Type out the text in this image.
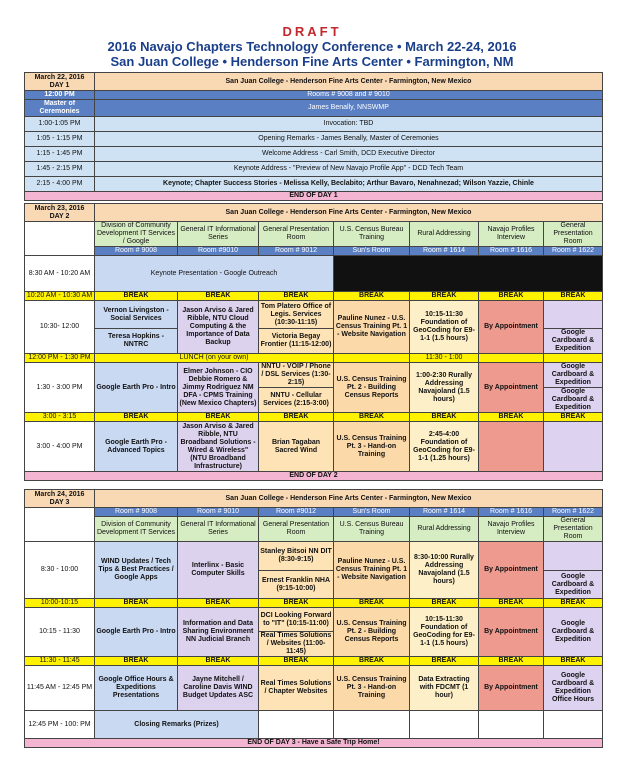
DRAFT
2016 Navajo Chapters Technology Conference • March 22-24, 2016
San Juan College • Henderson Fine Arts Center • Farmington, NM
March 22, 2016
DAY 1	San Juan College - Henderson Fine Arts Center - Farmington, New Mexico
12:00 PM	Rooms # 9008 and # 9010
Master of Ceremonies	James Benally, NNSWMP
1:00-1:05 PM	Invocation: TBD
1:05 - 1:15 PM	Opening Remarks - James Benally, Master of Ceremonies
1:15 - 1:45 PM	Welcome Address - Carl Smith, DCD Executive Director
1:45 - 2:15 PM	Keynote Address - "Preview of New Navajo Profile App" - DCD Tech Team
2:15 - 4:00 PM	Keynote; Chapter Success Stories - Melissa Kelly, Beclabito; Arthur Bavaro, Nenahnezad; Wilson Yazzie, Chinle
END OF DAY 1	
March 23, 2016
DAY 2	San Juan College - Henderson Fine Arts Center - Farmington, New Mexico						
	Division of Community Development IT Services / Google	General IT Informational Series	General Presentation Room	U.S. Census Bureau Training	Rural Addressing	Navajo Profiles Interview	General Presentation Room
	Room # 9008	Room #9010	Room # 9012	Sun's Room	Room # 1614	Room # 1616	Room # 1622
8:30 AM - 10:20 AM	Keynote Presentation - Google Outreach						
10:20 AM - 10:30 AM	BREAK	BREAK	BREAK	BREAK	BREAK	BREAK	BREAK
10:30- 12:00	Vernon Livingston - Social Services	Jason Arviso & Jared Ribble, NTU Cloud Computing & the Importance of Data Backup	Tom Platero Office of Legis. Services (10:30-11:15)	Pauline Nunez - U.S. Census Training Pt. 1 - Website Navigation	10:15-11:30 Foundation of GeoCoding for E9-1-1 (1.5 hours)	By Appointment	
	Teresa Hopkins - NNTRC		Victoria Begay Frontier (11:15-12:00)				Google Cardboard & Expedition
12:00 PM - 1:30 PM	LUNCH (on your own)				11:30 - 1:00		
1:30 - 3:00 PM	Google Earth Pro - Intro	Elmer Johnson - CIO Debbie Romero & Jimmy Rodriguez NM DFA - CPMS Training (New Mexico Chapters)	NNTU - VOIP / Phone / DSL Services (1:30-2:15)	U.S. Census Training Pt. 2 - Building Census Reports	1:00-2:30 Rurally Addressing Navajoland (1.5 hours)	By Appointment	Google Cardboard & Expedition
			NNTU - Cellular Services (2:15-3:00)				Google Cardboard & Expedition
3:00 - 3:15	BREAK	BREAK	BREAK	BREAK	BREAK	BREAK	BREAK
3:00 - 4:00 PM	Google Earth Pro - Advanced Topics	Jason Arviso & Jared Ribble, NTU Broadband Solutions - Wired & Wireless" (NTU Broadband Infrastructure)	Brian Tagaban Sacred Wind	U.S. Census Training Pt. 3 - Hand-on Training	2:45-4:00 Foundation of GeoCoding for E9-1-1 (1.25 hours)		
END OF DAY 2							
March 24, 2016
DAY 3	San Juan College - Henderson Fine Arts Center - Farmington, New Mexico						
	Room # 9008	Room # 9010	Room #9012	Sun's Room	Room # 1614	Room # 1616	Room # 1622
	Division of Community Development IT Services	General IT Informational Series	General Presentation Room	U.S. Census Bureau Training	Rural Addressing	Navajo Profiles Interview	General Presentation Room
8:30 - 10:00	WIND Updates / Tech Tips & Best Practices / Google Apps	Interlinx - Basic Computer Skills	Stanley Bitsoi NN DIT (8:30-9:15)	Pauline Nunez - U.S. Census Training Pt. 1 - Website Navigation	8:30-10:00 Rurally Addressing Navajoland (1.5 hours)	By Appointment	
			Ernest Franklin NHA (9:15-10:00)				Google Cardboard & Expedition
10:00-10:15	BREAK	BREAK	BREAK	BREAK	BREAK	BREAK	BREAK
10:15 - 11:30	Google Earth Pro - Intro	Information and Data Sharing Environment NN Judicial Branch	DCI Looking Forward to "IT" (10:15-11:00)	U.S. Census Training Pt. 2 - Building Census Reports	10:15-11:30 Foundation of GeoCoding for E9-1-1 (1.5 hours)	By Appointment	Google Cardboard & Expedition
			Real Times Solutions / Websites (11:00-11:45)				
11:30 - 11:45	BREAK	BREAK	BREAK	BREAK	BREAK	BREAK	BREAK
11:45 AM - 12:45 PM	Google Office Hours & Expeditions Presentations	Jayne Mitchell / Caroline Davis WIND Budget Updates ASC	Real Times Solutions / Chapter Websites	U.S. Census Training Pt. 3 - Hand-on Training	Data Extracting with FDCMT (1 hour)	By Appointment	Google Cardboard & Expedition Office Hours
12:45 PM - 100: PM	Closing Remarks (Prizes)						
END OF DAY 3 - Have a Safe Trip Home!							
